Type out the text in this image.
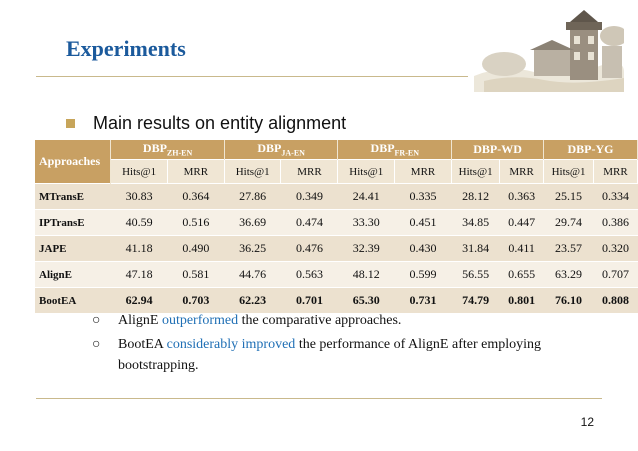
Experiments
Main results on entity alignment
Approaches	$DBP_{ZH-EN}$		$DBP_{JA-EN}$		$DBP_{FR-EN}$		DBP-WD		DBP-YG	
	Hits@1	MRR	Hits@1	MRR	Hits@1	MRR	Hits@1	MRR	Hits@1	MRR
MTransE	30.83	0.364	27.86	0.349	24.41	0.335	28.12	0.363	25.15	0.334
IPTransE	40.59	0.516	36.69	0.474	33.30	0.451	34.85	0.447	29.74	0.386
JAPE	41.18	0.490	36.25	0.476	32.39	0.430	31.84	0.411	23.57	0.320
AlignE	47.18	0.581	44.76	0.563	48.12	0.599	56.55	0.655	63.29	0.707
BootEA	62.94	0.703	62.23	0.701	65.30	0.731	74.79	0.801	76.10	0.808
○ AlignE outperformed the comparative approaches.
○ BootEA considerably improved the performance of AlignE after employing bootstrapping.
12
